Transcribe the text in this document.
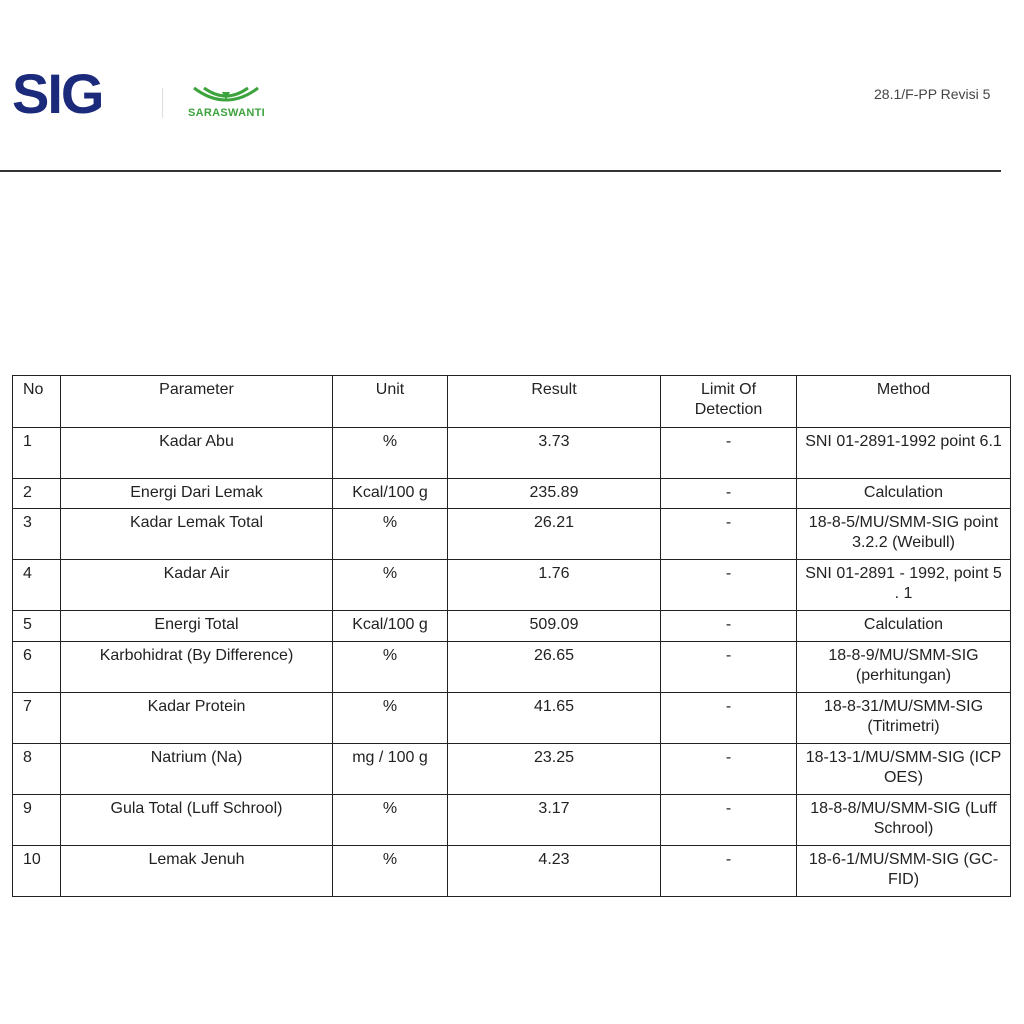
SIG	SARASWANTI
28.1/F-PP Revisi 5
No	Parameter	Unit	Result	Limit Of Detection	Method
1	Kadar Abu	%	3.73	-	SNI 01-2891-1992 point 6.1
2	Energi Dari Lemak	Kcal/100 g	235.89	-	Calculation
3	Kadar Lemak Total	%	26.21	-	18-8-5/MU/SMM-SIG point 3.2.2 (Weibull)
4	Kadar Air	%	1.76	-	SNI 01-2891 - 1992, point 5 . 1
5	Energi Total	Kcal/100 g	509.09	-	Calculation
6	Karbohidrat (By Difference)	%	26.65	-	18-8-9/MU/SMM-SIG (perhitungan)
7	Kadar Protein	%	41.65	-	18-8-31/MU/SMM-SIG (Titrimetri)
8	Natrium (Na)	mg / 100 g	23.25	-	18-13-1/MU/SMM-SIG (ICP OES)
9	Gula Total (Luff Schrool)	%	3.17	-	18-8-8/MU/SMM-SIG (Luff Schrool)
10	Lemak Jenuh	%	4.23	-	18-6-1/MU/SMM-SIG (GC-FID)
